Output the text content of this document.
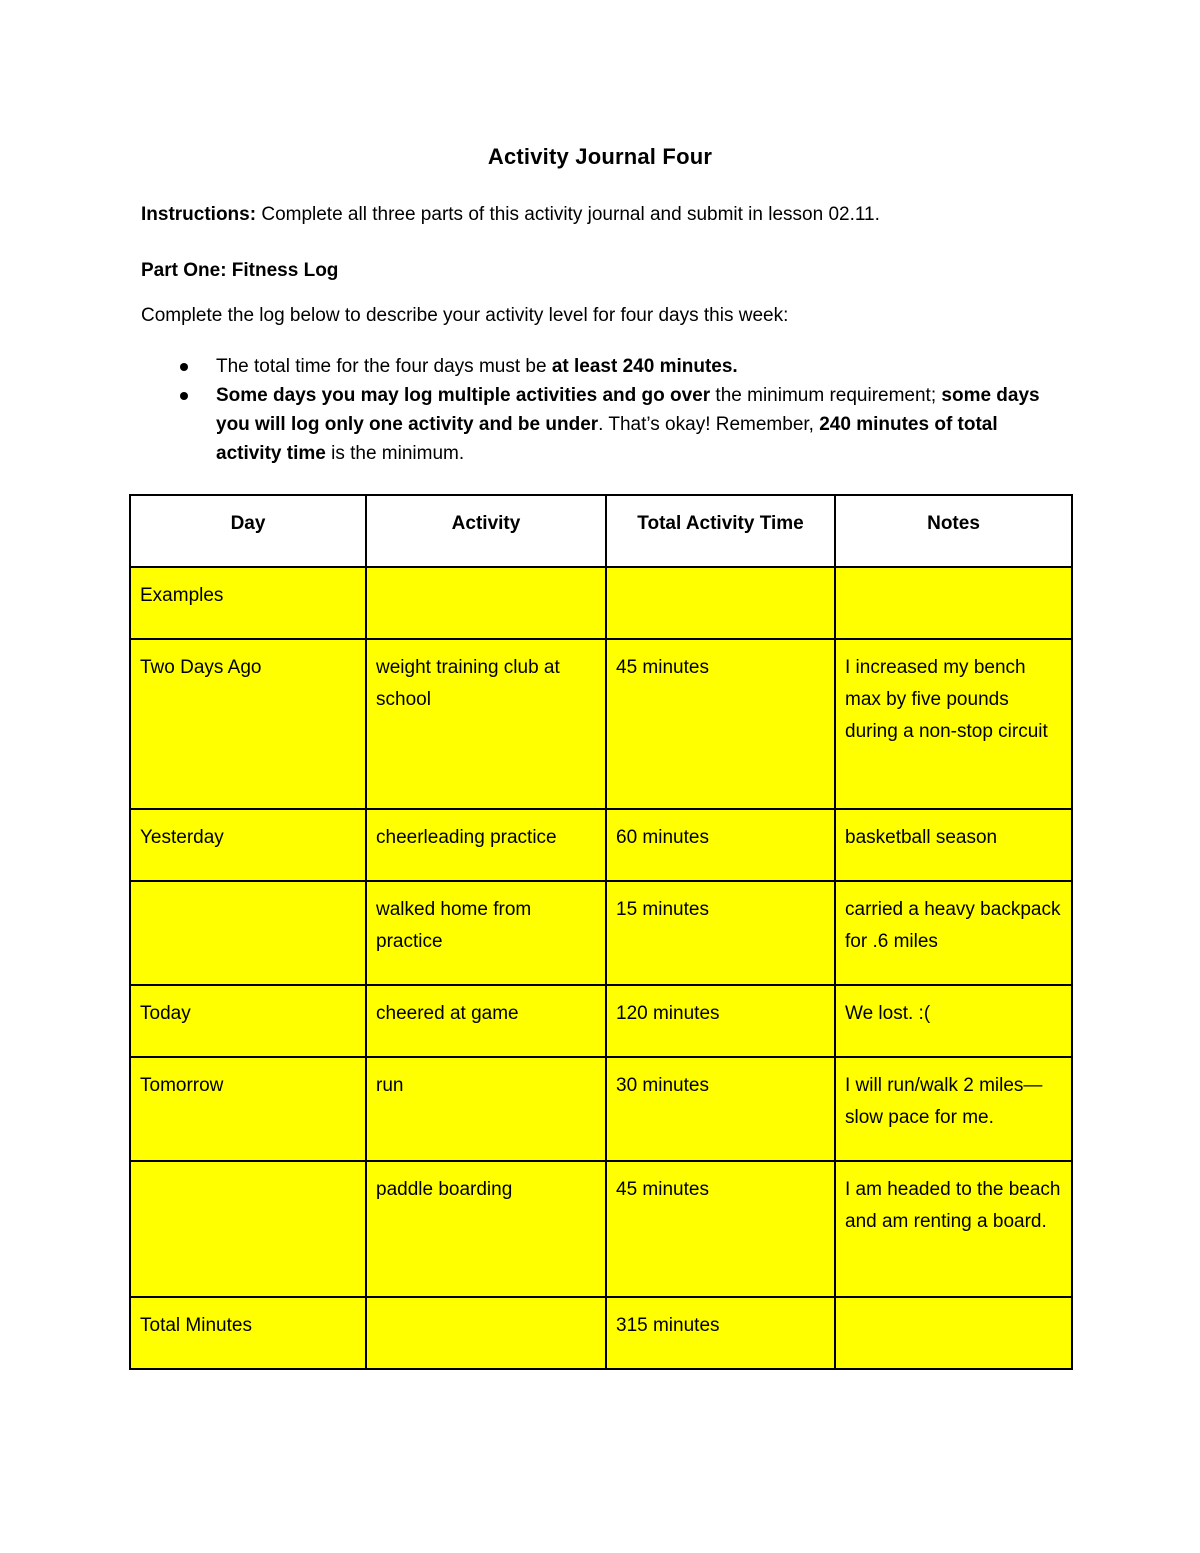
Activity Journal Four
Instructions: Complete all three parts of this activity journal and submit in lesson 02.11.
Part One: Fitness Log
Complete the log below to describe your activity level for four days this week:
The total time for the four days must be at least 240 minutes.
Some days you may log multiple activities and go over the minimum requirement; some days you will log only one activity and be under. That’s okay! Remember, 240 minutes of total activity time is the minimum.
Day	Activity	Total Activity Time	Notes
Examples			
Two Days Ago	weight training club at school	45 minutes	I increased my bench max by five pounds during a non-stop circuit
Yesterday	cheerleading practice	60 minutes	basketball season
	walked home from practice	15 minutes	carried a heavy backpack for .6 miles
Today	cheered at game	120 minutes	We lost. :(
Tomorrow	run	30 minutes	I will run/walk 2 miles—slow pace for me.
	paddle boarding	45 minutes	I am headed to the beach and am renting a board.
Total Minutes		315 minutes	
